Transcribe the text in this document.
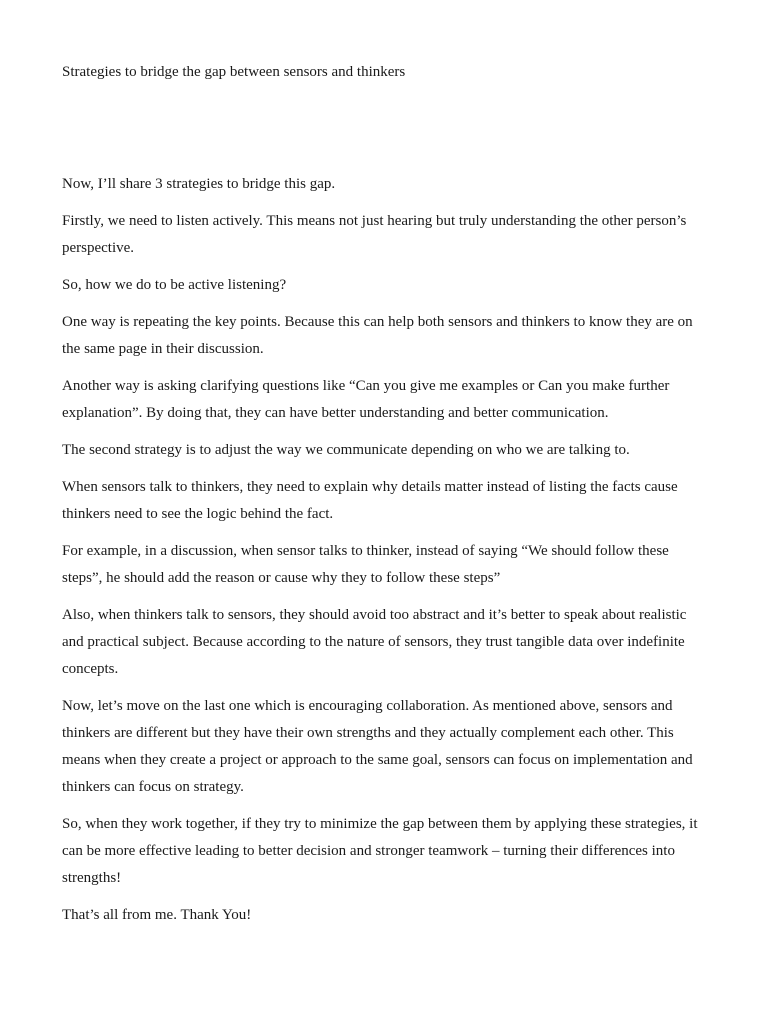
Strategies to bridge the gap between sensors and thinkers

Now, I’ll share 3 strategies to bridge this gap.

Firstly, we need to listen actively. This means not just hearing but truly understanding the other person’s perspective.

So, how we do to be active listening?

One way is repeating the key points. Because this can help both sensors and thinkers to know they are on the same page in their discussion.

Another way is asking clarifying questions like “Can you give me examples or Can you make further explanation”. By doing that, they can have better understanding and better communication.

The second strategy is to adjust the way we communicate depending on who we are talking to.

When sensors talk to thinkers, they need to explain why details matter instead of listing the facts cause thinkers need to see the logic behind the fact.

For example, in a discussion, when sensor talks to thinker, instead of saying “We should follow these steps”, he should add the reason or cause why they to follow these steps”

Also, when thinkers talk to sensors, they should avoid too abstract and it’s better to speak about realistic and practical subject. Because according to the nature of sensors, they trust tangible data over indefinite concepts.

Now, let’s move on the last one which is encouraging collaboration. As mentioned above, sensors and thinkers are different but they have their own strengths and they actually complement each other. This means when they create a project or approach to the same goal, sensors can focus on implementation and thinkers can focus on strategy.

So, when they work together, if they try to minimize the gap between them by applying these strategies, it can be more effective leading to better decision and stronger teamwork – turning their differences into strengths!

That’s all from me. Thank You!
